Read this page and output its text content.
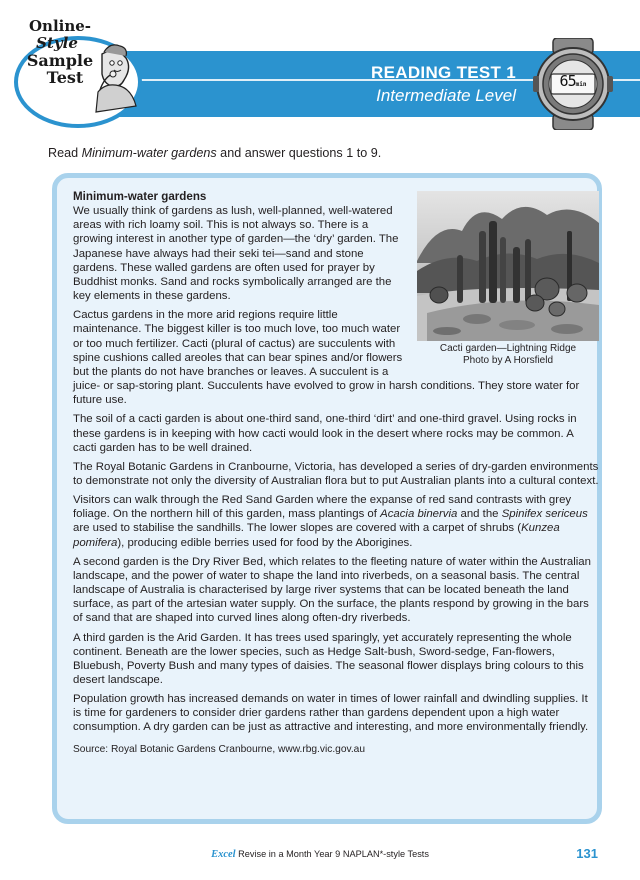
Online-
Style
Sample
Test	READING TEST 1
Intermediate Level
65min
Read Minimum-water gardens and answer questions 1 to 9.
Cacti garden—Lightning Ridge
Photo by A Horsfield
Minimum-water gardens

We usually think of gardens as lush, well-planned, well-watered areas with rich loamy soil. This is not always so. There is a growing interest in another type of garden—the ‘dry’ garden. The Japanese have always had their seki tei—sand and stone gardens. These walled gardens are often used for prayer by Buddhist monks. Sand and rocks symbolically arranged are the key elements in these gardens.

Cactus gardens in the more arid regions require little maintenance. The biggest killer is too much love, too much water or too much fertilizer. Cacti (plural of cactus) are succulents with spine cushions called areoles that can bear spines and/or flowers but the plants do not have branches or leaves. A succulent is a juice- or sap-storing plant. Succulents have evolved to grow in harsh conditions. They store water for future use.

The soil of a cacti garden is about one-third sand, one-third ‘dirt’ and one-third gravel. Using rocks in these gardens is in keeping with how cacti would look in the desert where rocks may be common. A cacti garden has to be well drained.

The Royal Botanic Gardens in Cranbourne, Victoria, has developed a series of dry-garden environments to demonstrate not only the diversity of Australian flora but to put Australian plants into a cultural context.

Visitors can walk through the Red Sand Garden where the expanse of red sand contrasts with grey foliage. On the northern hill of this garden, mass plantings of Acacia binervia and the Spinifex sericeus are used to stabilise the sandhills. The lower slopes are covered with a carpet of shrubs (Kunzea pomifera), producing edible berries used for food by the Aborigines.

A second garden is the Dry River Bed, which relates to the fleeting nature of water within the Australian landscape, and the power of water to shape the land into riverbeds, on a seasonal basis. The central landscape of Australia is characterised by large river systems that can be located beneath the land surface, as part of the artesian water supply. On the surface, the plants respond by growing in the bars of sand that are shaped into curved lines along often-dry riverbeds.

A third garden is the Arid Garden. It has trees used sparingly, yet accurately representing the whole continent. Beneath are the lower species, such as Hedge Salt-bush, Sword-sedge, Fan-flowers, Bluebush, Poverty Bush and many types of daisies. The seasonal flower displays bring colours to this desert landscape.

Population growth has increased demands on water in times of lower rainfall and dwindling supplies. It is time for gardeners to consider drier gardens rather than gardens dependent upon a high water consumption. A dry garden can be just as attractive and interesting, and more environmentally friendly.

Source: Royal Botanic Gardens Cranbourne, www.rbg.vic.gov.au
Excel Revise in a Month Year 9 NAPLAN*-style Tests	131
